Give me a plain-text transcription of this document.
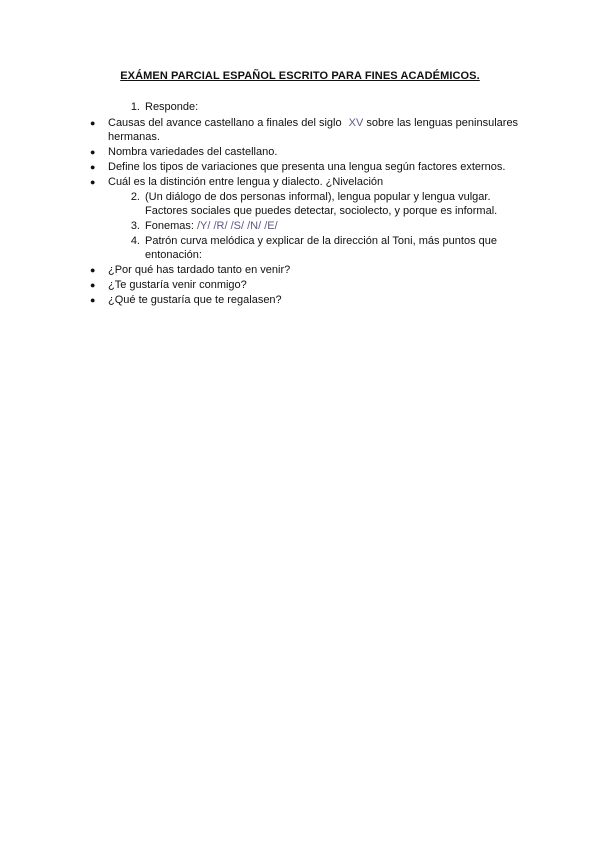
EXÁMEN PARCIAL ESPAÑOL ESCRITO PARA FINES ACADÉMICOS.
1. Responde:
● Causas del avance castellano a finales del siglo XV sobre las lenguas peninsulares
hermanas.
● Nombra variedades del castellano.
● Define los tipos de variaciones que presenta una lengua según factores externos.
● Cuál es la distinción entre lengua y dialecto. ¿Nivelación
2. (Un diálogo de dos personas informal), lengua popular y lengua vulgar.
Factores sociales que puedes detectar, sociolecto, y porque es informal.
3. Fonemas: /Y/ /R/ /S/ /N/ /E/
4. Patrón curva melódica y explicar de la dirección al Toni, más puntos que
entonación:
● ¿Por qué has tardado tanto en venir?
● ¿Te gustaría venir conmigo?
● ¿Qué te gustaría que te regalasen?
